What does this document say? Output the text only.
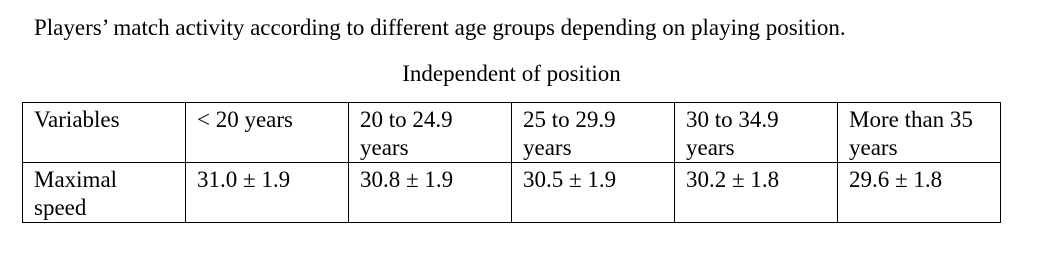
Players’ match activity according to different age groups depending on playing position.
Independent of position
Variables	< 20 years	20 to 24.9 years	25 to 29.9 years	30 to 34.9 years	More than 35 years
Maximal speed	31.0 ± 1.9	30.8 ± 1.9	30.5 ± 1.9	30.2 ± 1.8	29.6 ± 1.8
